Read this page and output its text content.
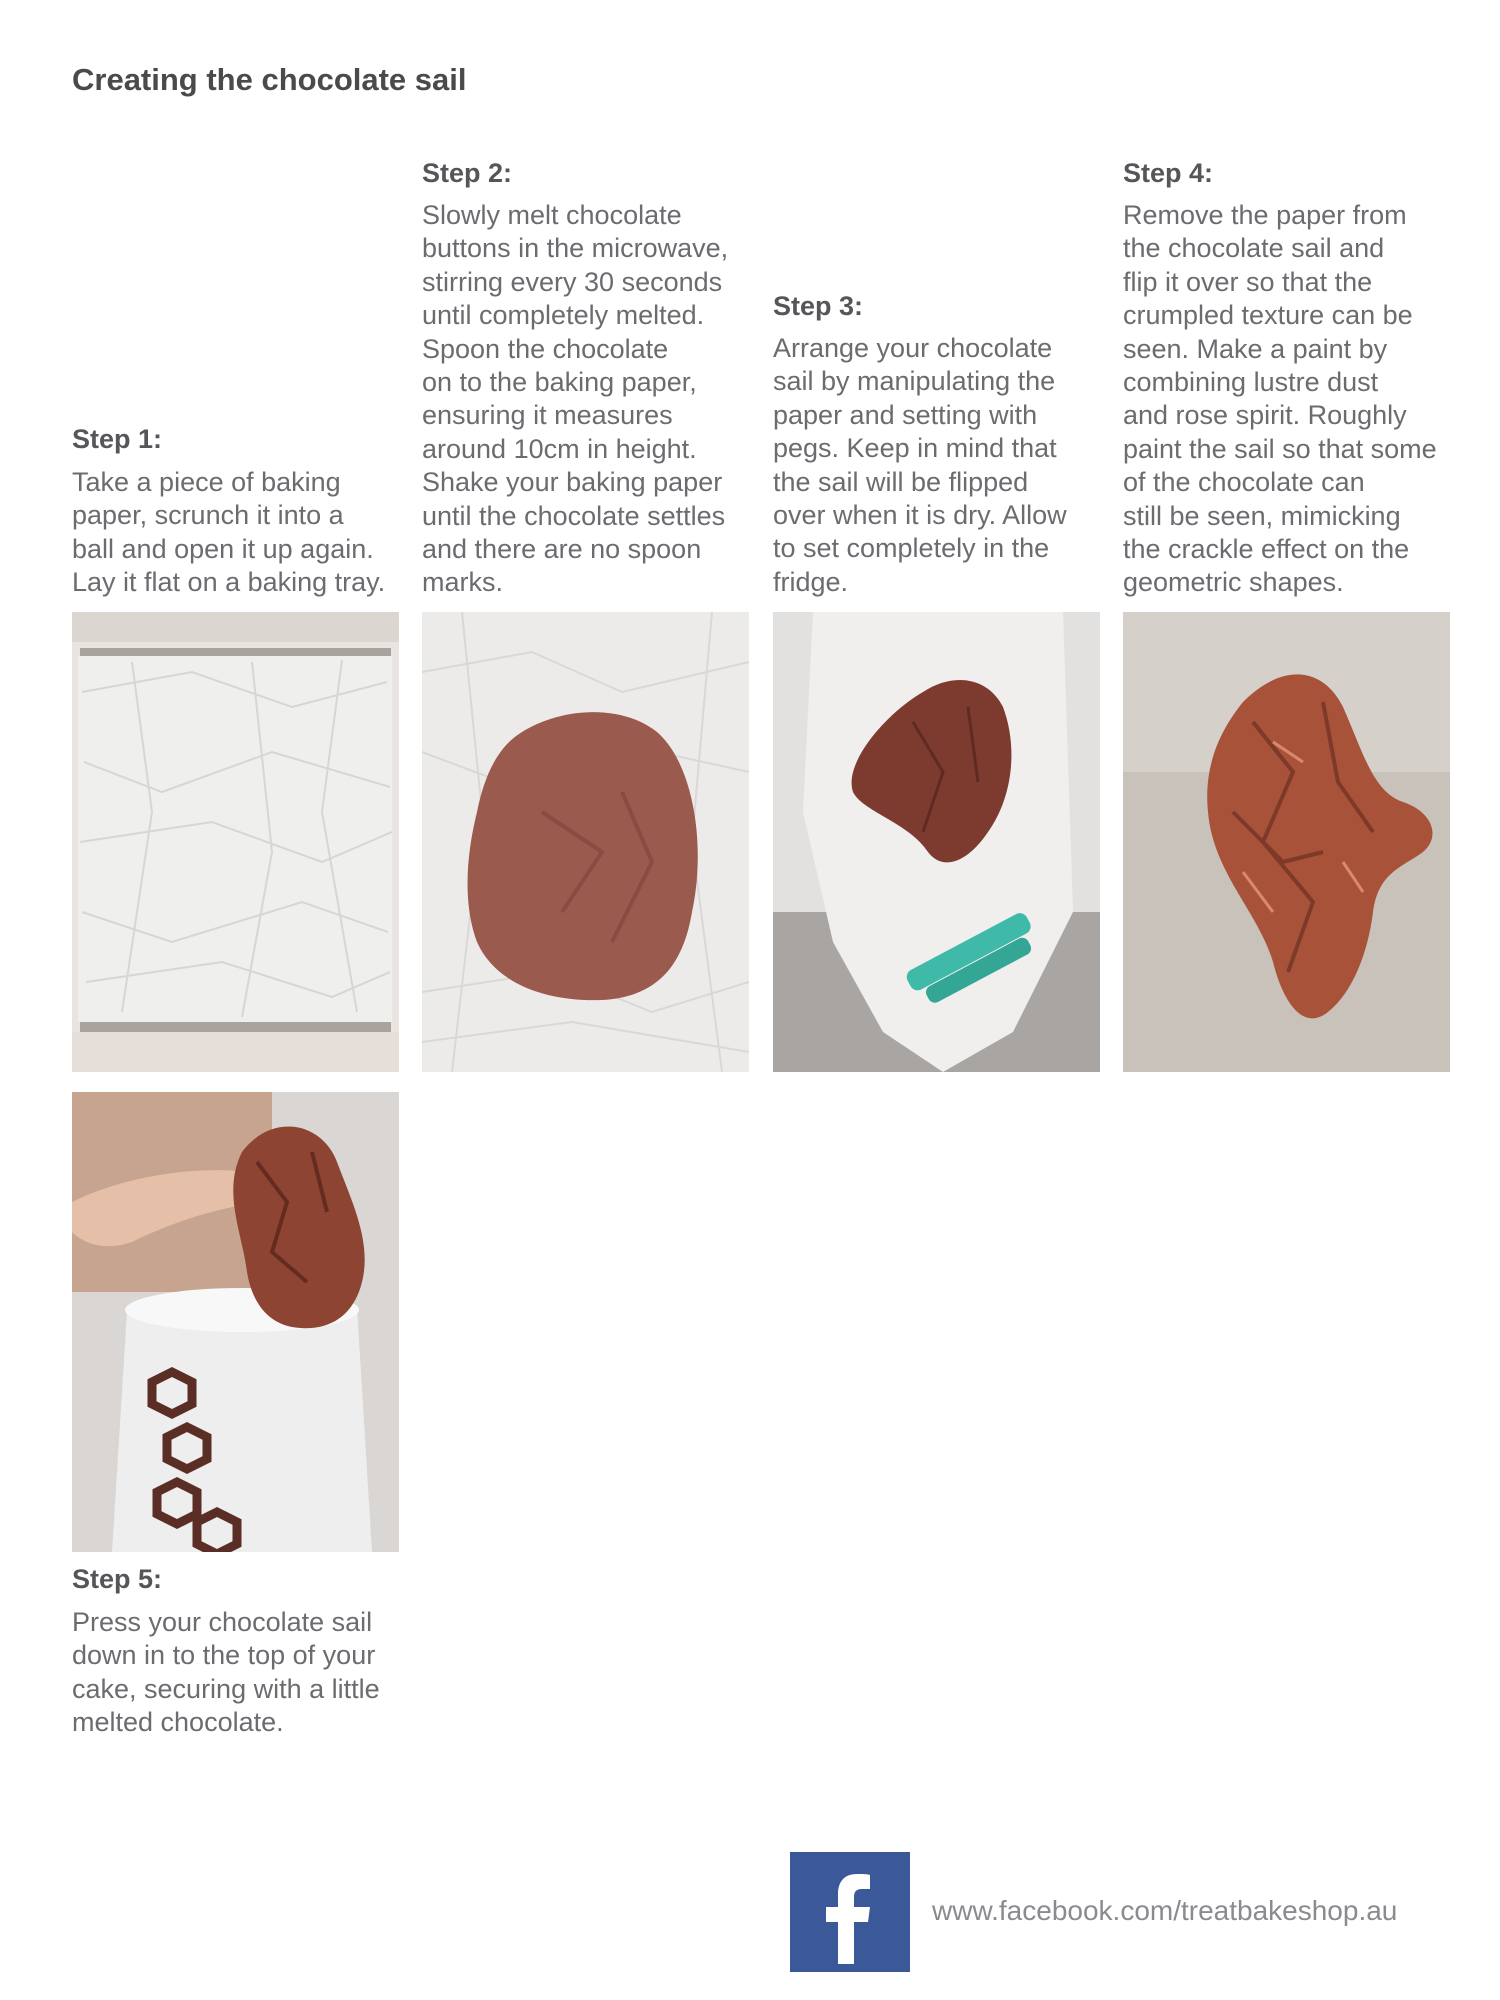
Creating the chocolate sail
Step 1:
Take a piece of baking
paper, scrunch it into a
ball and open it up again.
Lay it flat on a baking tray.
Step 2:
Slowly melt chocolate
buttons in the microwave,
stirring every 30 seconds
until completely melted.
Spoon the chocolate
on to the baking paper,
ensuring it measures
around 10cm in height.
Shake your baking paper
until the chocolate settles
and there are no spoon
marks.
Step 3:
Arrange your chocolate
sail by manipulating the
paper and setting with
pegs. Keep in mind that
the sail will be flipped
over when it is dry. Allow
to set completely in the
fridge.
Step 4:
Remove the paper from
the chocolate sail and
flip it over so that the
crumpled texture can be
seen. Make a paint by
combining lustre dust
and rose spirit. Roughly
paint the sail so that some
of the chocolate can
still be seen, mimicking
the crackle effect on the
geometric shapes.
Step 5:
Press your chocolate sail
down in to the top of your
cake, securing with a little
melted chocolate.
www.facebook.com/treatbakeshop.au
